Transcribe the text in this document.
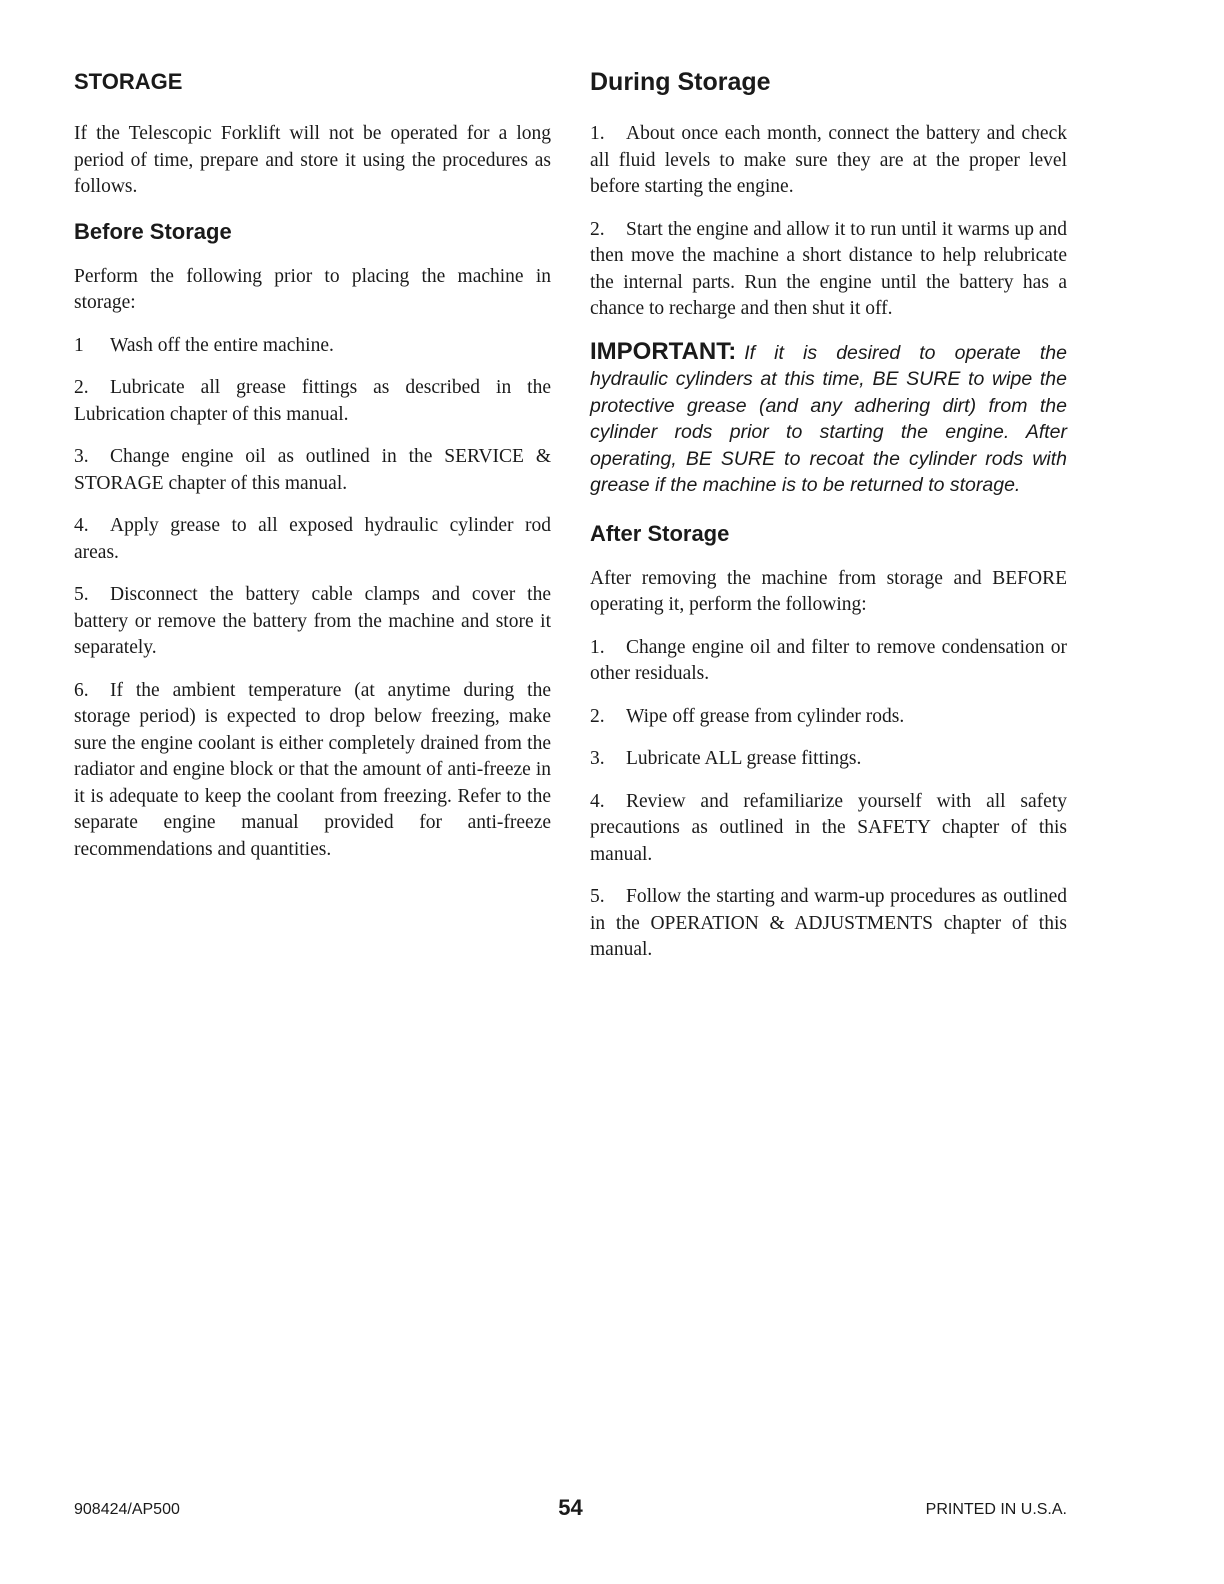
STORAGE

If the Telescopic Forklift will not be operated for a long period of time, prepare and store it using the procedures as follows.

Before Storage

Perform the following prior to placing the machine in storage:

1 Wash off the entire machine.

2. Lubricate all grease fittings as described in the Lubrication chapter of this manual.

3. Change engine oil as outlined in the SERVICE & STORAGE chapter of this manual.

4. Apply grease to all exposed hydraulic cylinder rod areas.

5. Disconnect the battery cable clamps and cover the battery or remove the battery from the machine and store it separately.

6. If the ambient temperature (at anytime during the storage period) is expected to drop below freezing, make sure the engine coolant is either completely drained from the radiator and engine block or that the amount of anti-freeze in it is adequate to keep the coolant from freezing. Refer to the separate engine manual provided for anti-freeze recommendations and quantities.

During Storage

1. About once each month, connect the battery and check all fluid levels to make sure they are at the proper level before starting the engine.

2. Start the engine and allow it to run until it warms up and then move the machine a short distance to help relubricate the internal parts. Run the engine until the battery has a chance to recharge and then shut it off.

IMPORTANT: If it is desired to operate the hydraulic cylinders at this time, BE SURE to wipe the protective grease (and any adhering dirt) from the cylinder rods prior to starting the engine. After operating, BE SURE to recoat the cylinder rods with grease if the machine is to be returned to storage.

After Storage

After removing the machine from storage and BEFORE operating it, perform the following:

1. Change engine oil and filter to remove condensation or other residuals.

2. Wipe off grease from cylinder rods.

3. Lubricate ALL grease fittings.

4. Review and refamiliarize yourself with all safety precautions as outlined in the SAFETY chapter of this manual.

5. Follow the starting and warm-up procedures as outlined in the OPERATION & ADJUSTMENTS chapter of this manual.

908424/AP500	54	PRINTED IN U.S.A.
